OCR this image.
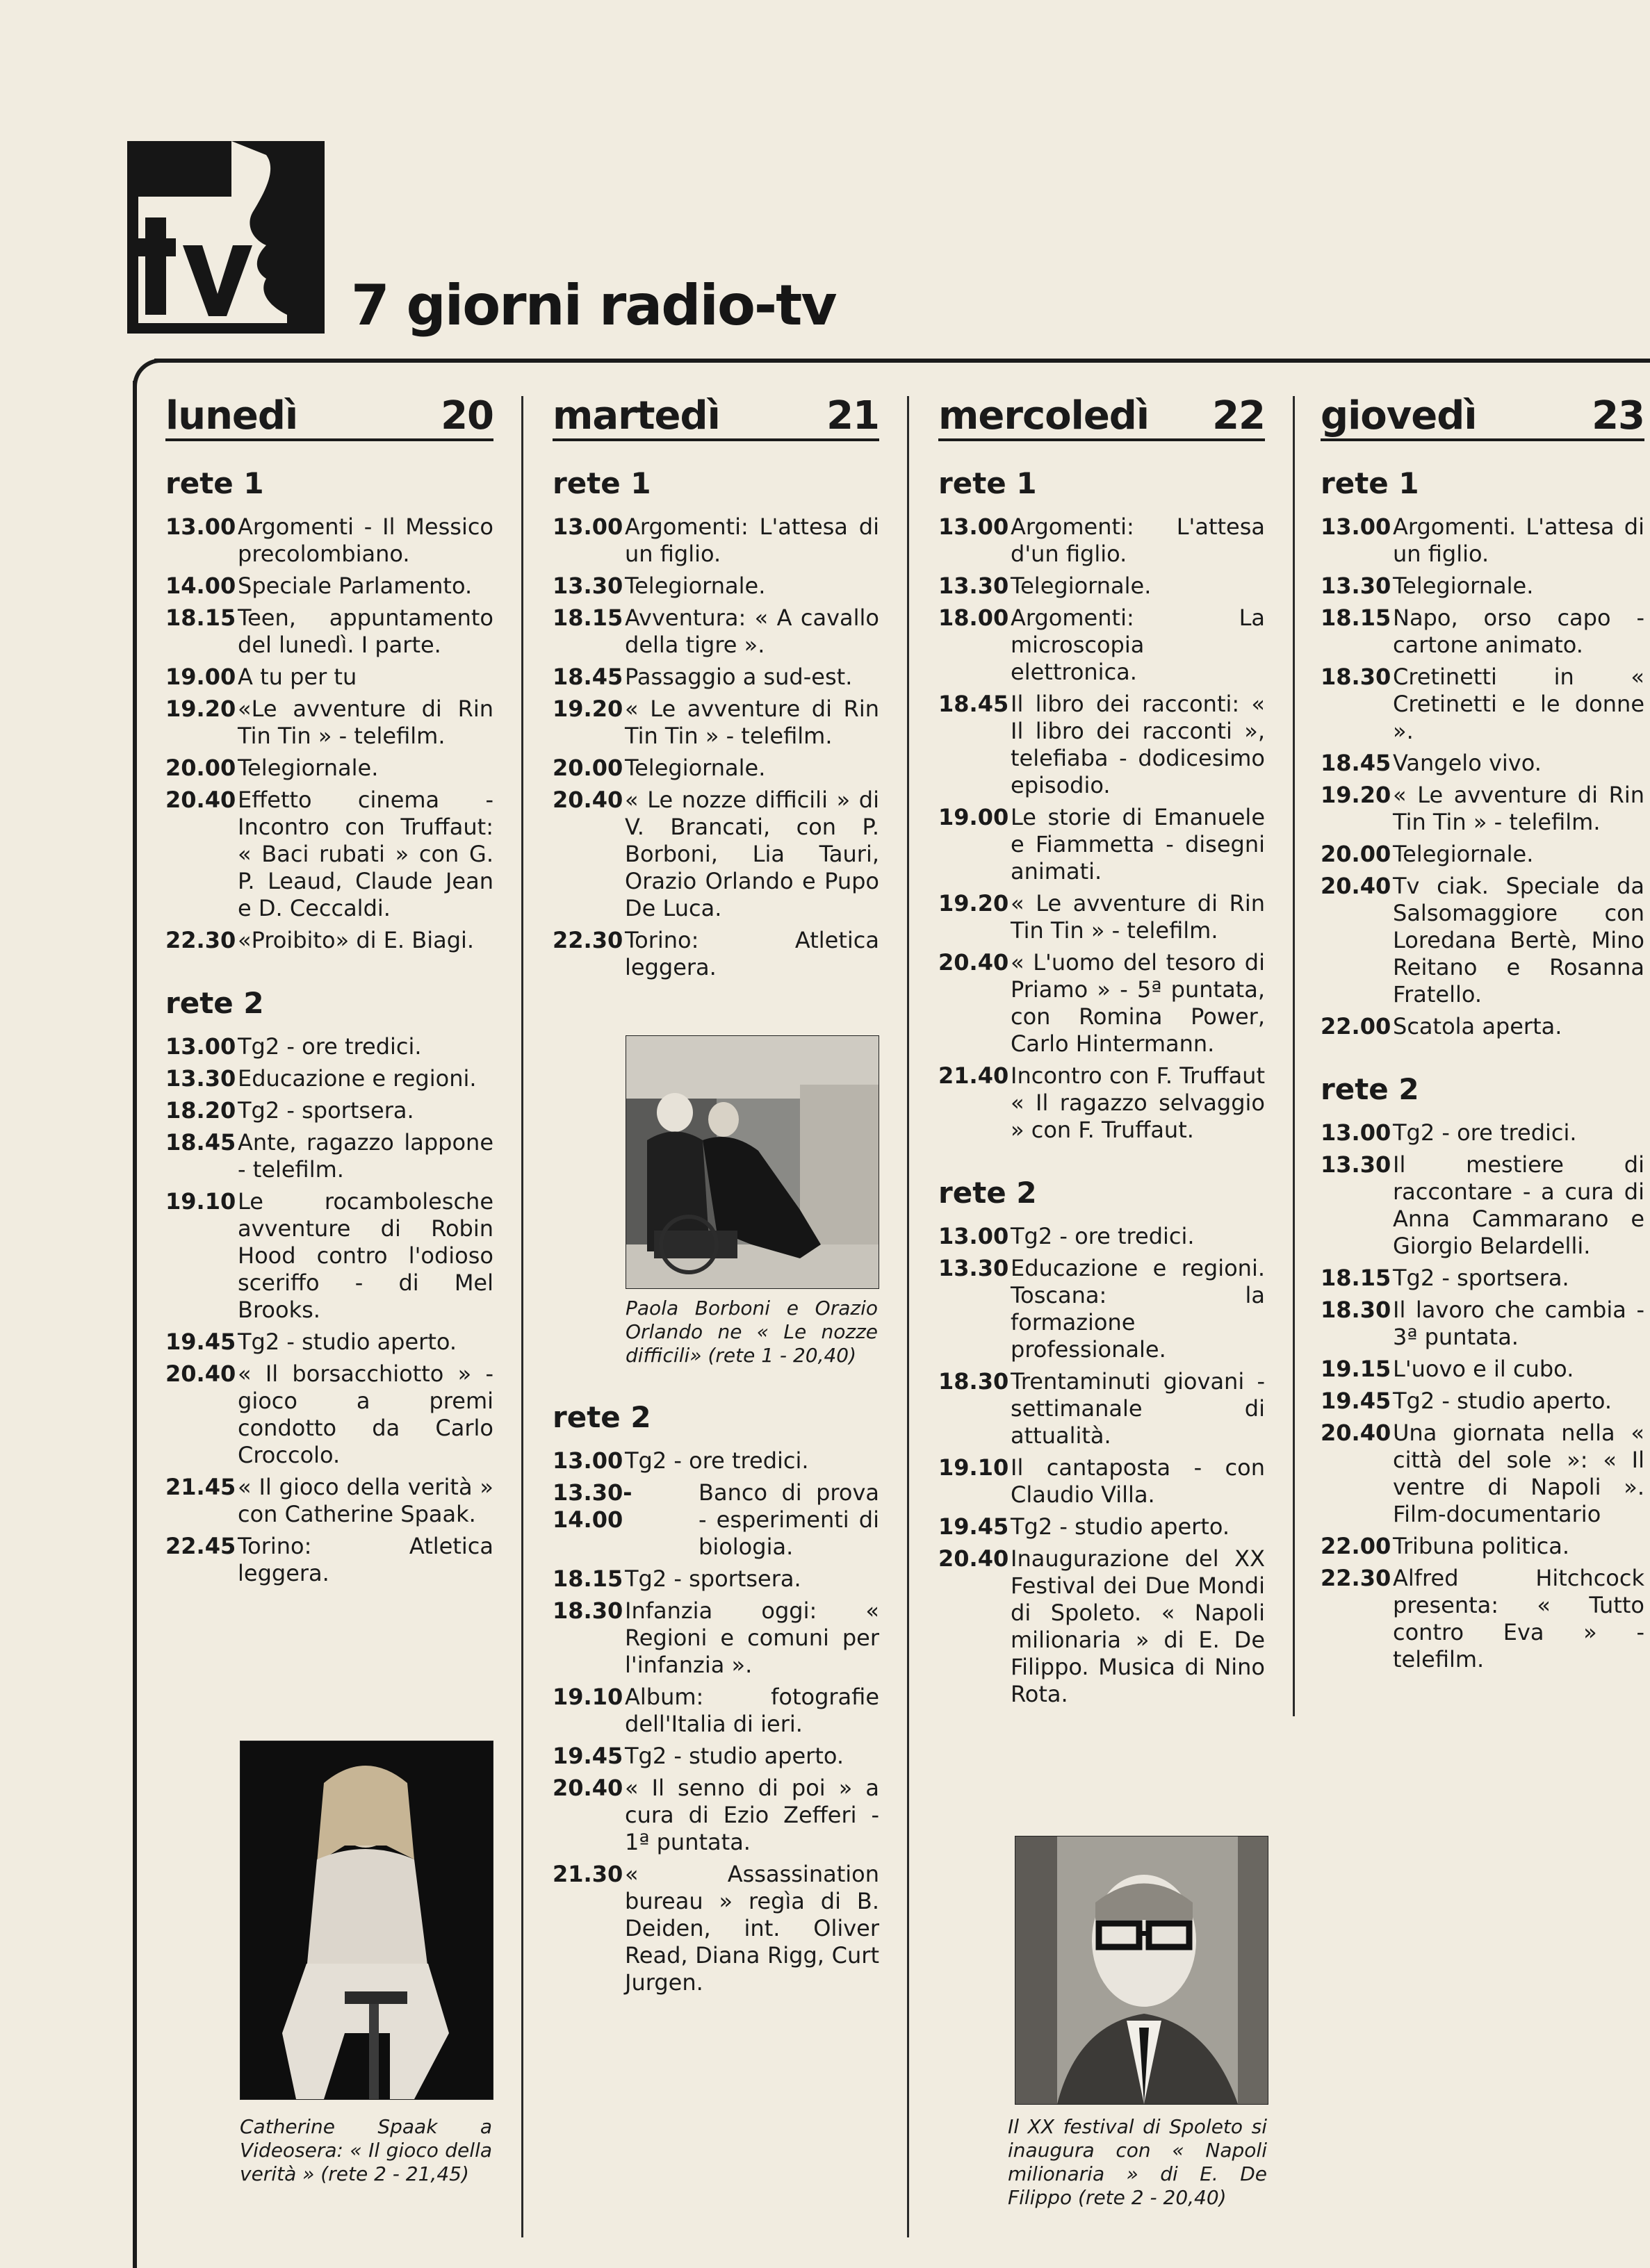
tv
7 giorni radio-tv
lunedì	20
rete 1
13.00 Argomenti - Il Messico precolombiano.
14.00 Speciale Parlamento.
18.15 Teen, appuntamento del lunedì. I parte.
19.00 A tu per tu
19.20 «Le avventure di Rin Tin Tin » - telefilm.
20.00 Telegiornale.
20.40 Effetto cinema - Incontro con Truffaut: « Baci rubati » con G. P. Leaud, Claude Jean e D. Ceccaldi.
22.30 «Proibito» di E. Biagi.
rete 2
13.00 Tg2 - ore tredici.
13.30 Educazione e regioni.
18.20 Tg2 - sportsera.
18.45 Ante, ragazzo lappone - telefilm.
19.10 Le rocambolesche avventure di Robin Hood contro l'odioso sceriffo - di Mel Brooks.
19.45 Tg2 - studio aperto.
20.40 « Il borsacchiotto » - gioco a premi condotto da Carlo Croccolo.
21.45 « Il gioco della verità » con Catherine Spaak.
22.45 Torino: Atletica leggera.
martedì	21
rete 1
13.00 Argomenti: L'attesa di un figlio.
13.30 Telegiornale.
18.15 Avventura: « A cavallo della tigre ».
18.45 Passaggio a sud-est.
19.20 « Le avventure di Rin Tin Tin » - telefilm.
20.00 Telegiornale.
20.40 « Le nozze difficili » di V. Brancati, con P. Borboni, Lia Tauri, Orazio Orlando e Pupo De Luca.
22.30 Torino: Atletica leggera.
rete 2
13.00 Tg2 - ore tredici.
13.30-14.00
Banco di prova - esperimenti di biologia.
18.15 Tg2 - sportsera.
18.30 Infanzia oggi: « Regioni e comuni per l'infanzia ».
19.10 Album: fotografie dell'Italia di ieri.
19.45 Tg2 - studio aperto.
20.40 « Il senno di poi » a cura di Ezio Zefferi - 1ª puntata.
21.30 « Assassination bureau » regìa di B. Deiden, int. Oliver Read, Diana Rigg, Curt Jurgen.
mercoledì 22
rete 1
13.00 Argomenti: L'attesa d'un figlio.
13.30 Telegiornale.
18.00 Argomenti: La microscopia elettronica.
18.45 Il libro dei racconti: « Il libro dei racconti », telefiaba - dodicesimo episodio.
19.00 Le storie di Emanuele e Fiammetta - disegni animati.
19.20 « Le avventure di Rin Tin Tin » - telefilm.
20.40 « L'uomo del tesoro di Priamo » - 5ª puntata, con Romina Power, Carlo Hintermann.
21.40 Incontro con F. Truffaut « Il ragazzo selvaggio » con F. Truffaut.
rete 2
13.00 Tg2 - ore tredici.
13.30 Educazione e regioni. Toscana: la formazione professionale.
18.30 Trentaminuti giovani - settimanale di attualità.
19.10 Il cantaposta - con Claudio Villa.
19.45 Tg2 - studio aperto.
20.40 Inaugurazione del XX Festival dei Due Mondi di Spoleto. « Napoli milionaria » di E. De Filippo. Musica di Nino Rota.
giovedì	23
rete 1
13.00 Argomenti. L'attesa di un figlio.
13.30 Telegiornale.
18.15 Napo, orso capo - cartone animato.
18.30 Cretinetti in « Cretinetti e le donne ».
18.45 Vangelo vivo.
19.20 « Le avventure di Rin Tin Tin » - telefilm.
20.00 Telegiornale.
20.40 Tv ciak. Speciale da Salsomaggiore con Loredana Bertè, Mino Reitano e Rosanna Fratello.
22.00 Scatola aperta.
rete 2
13.00 Tg2 - ore tredici.
13.30 Il mestiere di raccontare - a cura di Anna Cammarano e Giorgio Belardelli.
18.15 Tg2 - sportsera.
18.30 Il lavoro che cambia - 3ª puntata.
19.15 L'uovo e il cubo.
19.45 Tg2 - studio aperto.
20.40 Una giornata nella « città del sole »: « Il ventre di Napoli ». Film-documentario
22.00 Tribuna politica.
22.30 Alfred Hitchcock presenta: « Tutto contro Eva » - telefilm.
Paola Borboni e Orazio Orlando ne « Le nozze difficili» (rete 1 - 20,40)
Catherine Spaak a Videosera: « Il gioco della verità » (rete 2 - 21,45)
Il XX festival di Spoleto si inaugura con « Napoli milionaria » di E. De Filippo (rete 2 - 20,40)
